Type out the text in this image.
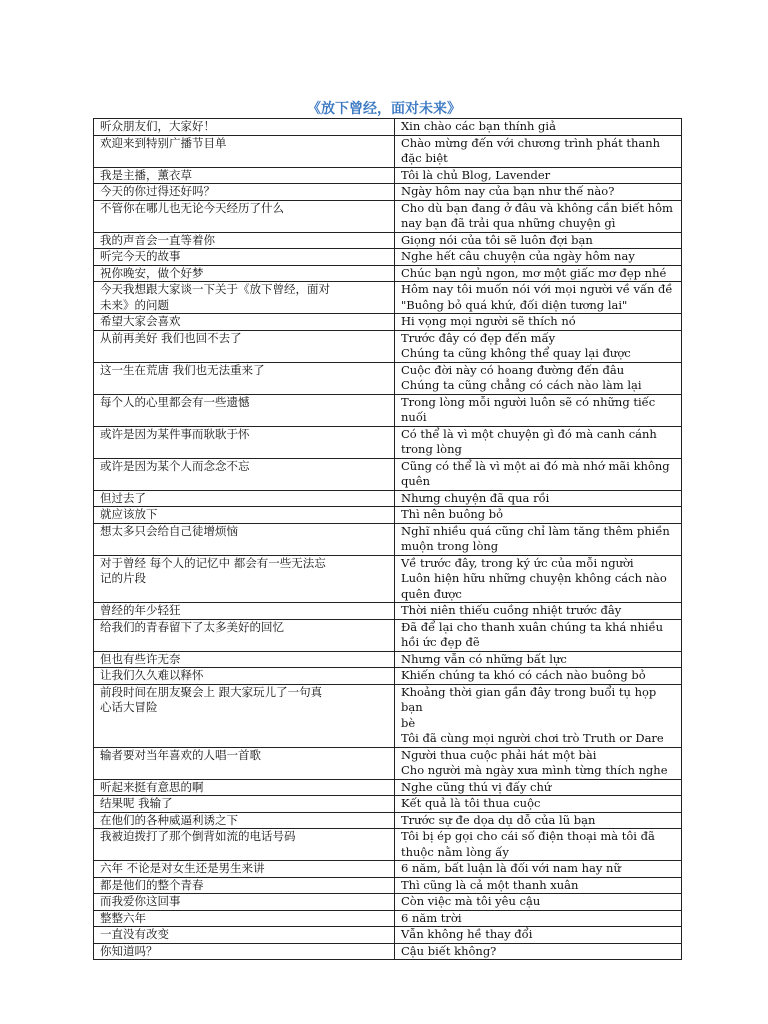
《放下曾经，面对未来》
听众朋友们，大家好！	Xin chào các bạn thính giả
欢迎来到特别广播节目单	Chào mừng đến với chương trình phát thanh
đặc biệt
我是主播，薰衣草	Tôi là chủ Blog, Lavender
今天的你过得还好吗？	Ngày hôm nay của bạn như thế nào?
不管你在哪儿也无论今天经历了什么	Cho dù bạn đang ở đâu và không cần biết hôm
nay bạn đã trải qua những chuyện gì
我的声音会一直等着你	Giọng nói của tôi sẽ luôn đợi bạn
听完今天的故事	Nghe hết câu chuyện của ngày hôm nay
祝你晚安，做个好梦	Chúc bạn ngủ ngon, mơ một giấc mơ đẹp nhé
今天我想跟大家谈一下关于《放下曾经，面对
未来》的问题	Hôm nay tôi muốn nói với mọi người về vấn đề
"Buông bỏ quá khứ, đối diện tương lai"
希望大家会喜欢	Hi vọng mọi người sẽ thích nó
从前再美好 我们也回不去了	Trước đây có đẹp đến mấy
Chúng ta cũng không thể quay lại được
这一生在荒唐 我们也无法重来了	Cuộc đời này có hoang đường đến đâu
Chúng ta cũng chẳng có cách nào làm lại
每个人的心里都会有一些遗憾	Trong lòng mỗi người luôn sẽ có những tiếc
nuối
或许是因为某件事而耿耿于怀	Có thể là vì một chuyện gì đó mà canh cánh
trong lòng
或许是因为某个人而念念不忘	Cũng có thể là vì một ai đó mà nhớ mãi không
quên
但过去了	Nhưng chuyện đã qua rồi
就应该放下	Thì nên buông bỏ
想太多只会给自己徒增烦恼	Nghĩ nhiều quá cũng chỉ làm tăng thêm phiền
muộn trong lòng
对于曾经 每个人的记忆中 都会有一些无法忘
记的片段	Về trước đây, trong ký ức của mỗi người
Luôn hiện hữu những chuyện không cách nào
quên được
曾经的年少轻狂	Thời niên thiếu cuồng nhiệt trước đây
给我们的青春留下了太多美好的回忆	Đã để lại cho thanh xuân chúng ta khá nhiều
hồi ức đẹp đẽ
但也有些许无奈	Nhưng vẫn có những bất lực
让我们久久难以释怀	Khiến chúng ta khó có cách nào buông bỏ
前段时间在朋友聚会上 跟大家玩儿了一句真
心话大冒险	Khoảng thời gian gần đây trong buổi tụ họp bạn
bè
Tôi đã cùng mọi người chơi trò Truth or Dare
输者要对当年喜欢的人唱一首歌	Người thua cuộc phải hát một bài
Cho người mà ngày xưa mình từng thích nghe
听起来挺有意思的啊	Nghe cũng thú vị đấy chứ
结果呢 我输了	Kết quả là tôi thua cuộc
在他们的各种威逼利诱之下	Trước sự đe dọa dụ dỗ của lũ bạn
我被迫拨打了那个倒背如流的电话号码	Tôi bị ép gọi cho cái số điện thoại mà tôi đã
thuộc nằm lòng ấy
六年 不论是对女生还是男生来讲	6 năm, bất luận là đối với nam hay nữ
都是他们的整个青春	Thì cũng là cả một thanh xuân
而我爱你这回事	Còn việc mà tôi yêu cậu
整整六年	6 năm trời
一直没有改变	Vẫn không hề thay đổi
你知道吗？	Cậu biết không?
